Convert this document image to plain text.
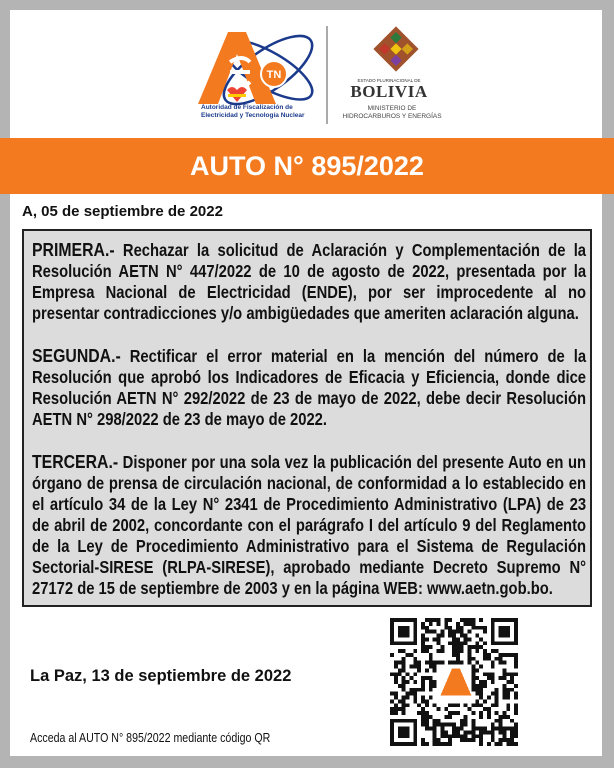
TN
Autoridad de Fiscalización de
Electricidad y Tecnología Nuclear
ESTADO PLURINACIONAL DE
BOLIVIA
MINISTERIO DE
HIDROCARBUROS Y ENERGÍAS
AUTO N° 895/2022
A, 05 de septiembre de 2022

PRIMERA.- Rechazar la solicitud de Aclaración y Complementación de la Resolución AETN N° 447/2022 de 10 de agosto de 2022, presentada por la Empresa Nacional de Electricidad (ENDE), por ser improcedente al no presentar contradicciones y/o ambigüedades que ameriten aclaración alguna.

SEGUNDA.- Rectificar el error material en la mención del número de la Resolución que aprobó los Indicadores de Eficacia y Eficiencia, donde dice Resolución AETN N° 292/2022 de 23 de mayo de 2022, debe decir Resolución AETN N° 298/2022 de 23 de mayo de 2022.

TERCERA.- Disponer por una sola vez la publicación del presente Auto en un órgano de prensa de circulación nacional, de conformidad a lo establecido en el artículo 34 de la Ley N° 2341 de Procedimiento Administrativo (LPA) de 23 de abril de 2002, concordante con el parágrafo I del artículo 9 del Reglamento de la Ley de Procedimiento Administrativo para el Sistema de Regulación Sectorial-SIRESE (RLPA-SIRESE), aprobado mediante Decreto Supremo N° 27172 de 15 de septiembre de 2003 y en la página WEB: www.aetn.gob.bo.

La Paz, 13 de septiembre de 2022
Acceda al AUTO N° 895/2022 mediante código QR
